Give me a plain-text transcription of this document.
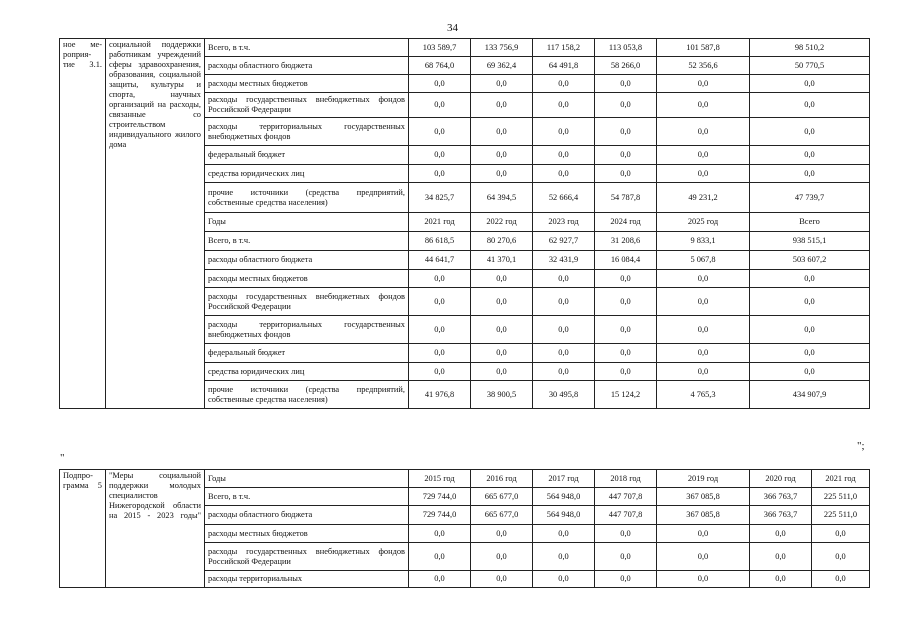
34
ное ме-роприя-тие 3.1.	социальной поддержки работникам учреждений сферы здравоохранения, образования, социальной защиты, культуры и спорта, научных организаций на расходы, связанные со строительством индивидуального жилого дома	Всего, в т.ч.	103 589,7	133 756,9	117 158,2	113 053,8	101 587,8	98 510,2
		расходы областного бюджета	68 764,0	69 362,4	64 491,8	58 266,0	52 356,6	50 770,5
		расходы местных бюджетов	0,0	0,0	0,0	0,0	0,0	0,0
		расходы государственных внебюджетных фондов Российской Федерации	0,0	0,0	0,0	0,0	0,0	0,0
		расходы территориальных государственных внебюджетных фондов	0,0	0,0	0,0	0,0	0,0	0,0
		федеральный бюджет	0,0	0,0	0,0	0,0	0,0	0,0
		средства юридических лиц	0,0	0,0	0,0	0,0	0,0	0,0
		прочие источники (средства предприятий, собственные средства населения)	34 825,7	64 394,5	52 666,4	54 787,8	49 231,2	47 739,7
		Годы	2021 год	2022 год	2023 год	2024 год	2025 год	Всего
		Всего, в т.ч.	86 618,5	80 270,6	62 927,7	31 208,6	9 833,1	938 515,1
		расходы областного бюджета	44 641,7	41 370,1	32 431,9	16 084,4	5 067,8	503 607,2
		расходы местных бюджетов	0,0	0,0	0,0	0,0	0,0	0,0
		расходы государственных внебюджетных фондов Российской Федерации	0,0	0,0	0,0	0,0	0,0	0,0
		расходы территориальных государственных внебюджетных фондов	0,0	0,0	0,0	0,0	0,0	0,0
		федеральный бюджет	0,0	0,0	0,0	0,0	0,0	0,0
		средства юридических лиц	0,0	0,0	0,0	0,0	0,0	0,0
		прочие источники (средства предприятий, собственные средства населения)	41 976,8	38 900,5	30 495,8	15 124,2	4 765,3	434 907,9
";
"
Подпро-грамма 5	"Меры социальной поддержки молодых специалистов Нижегородской области на 2015 - 2023 годы"	Годы	2015 год	2016 год	2017 год	2018 год	2019 год	2020 год	2021 год
		Всего, в т.ч.	729 744,0	665 677,0	564 948,0	447 707,8	367 085,8	366 763,7	225 511,0
		расходы областного бюджета	729 744,0	665 677,0	564 948,0	447 707,8	367 085,8	366 763,7	225 511,0
		расходы местных бюджетов	0,0	0,0	0,0	0,0	0,0	0,0	0,0
		расходы государственных внебюджетных фондов Российской Федерации	0,0	0,0	0,0	0,0	0,0	0,0	0,0
		расходы территориальных	0,0	0,0	0,0	0,0	0,0	0,0	0,0
